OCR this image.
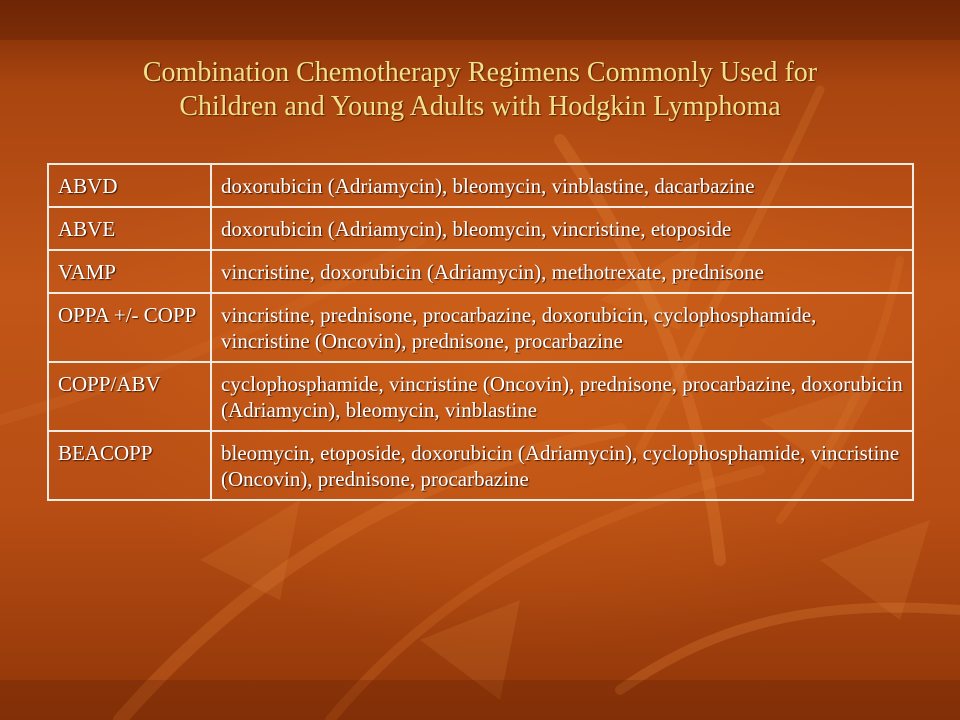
Combination Chemotherapy Regimens Commonly Used for
Children and Young Adults with Hodgkin Lymphoma
ABVD	doxorubicin (Adriamycin), bleomycin, vinblastine, dacarbazine
ABVE	doxorubicin (Adriamycin), bleomycin, vincristine, etoposide
VAMP	vincristine, doxorubicin (Adriamycin), methotrexate, prednisone
OPPA +/- COPP	vincristine, prednisone, procarbazine, doxorubicin, cyclophosphamide, vincristine (Oncovin), prednisone, procarbazine
COPP/ABV	cyclophosphamide, vincristine (Oncovin), prednisone, procarbazine, doxorubicin (Adriamycin), bleomycin, vinblastine
BEACOPP	bleomycin, etoposide, doxorubicin (Adriamycin), cyclophosphamide, vincristine (Oncovin), prednisone, procarbazine
